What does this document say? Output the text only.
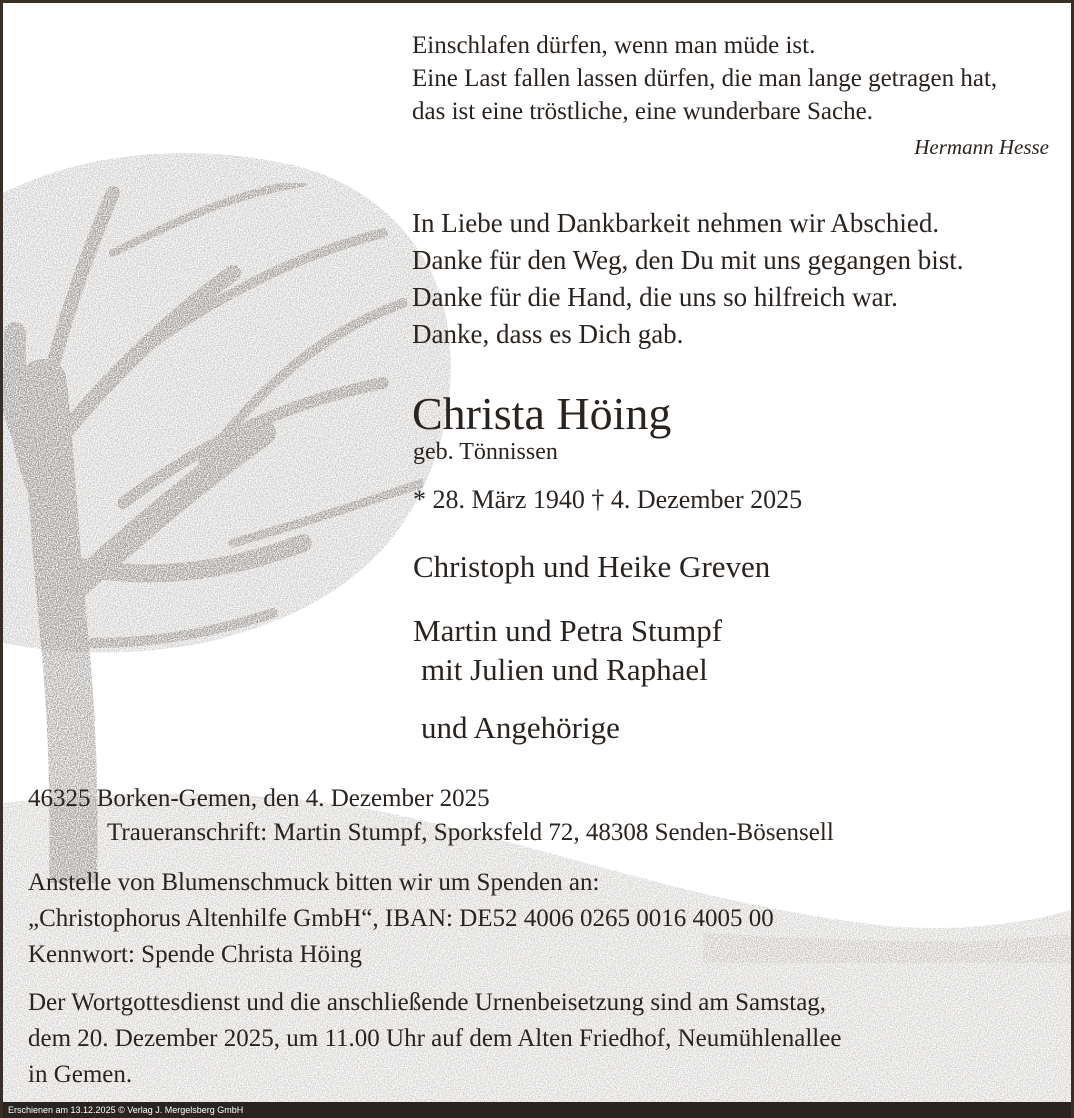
Einschlafen dürfen, wenn man müde ist.
Eine Last fallen lassen dürfen, die man lange getragen hat,
das ist eine tröstliche, eine wunderbare Sache.
Hermann Hesse
In Liebe und Dankbarkeit nehmen wir Abschied.
Danke für den Weg, den Du mit uns gegangen bist.
Danke für die Hand, die uns so hilfreich war.
Danke, dass es Dich gab.
Christa Höing
geb. Tönnissen
* 28. März 1940 † 4. Dezember 2025
Christoph und Heike Greven
Martin und Petra Stumpf
mit Julien und Raphael
und Angehörige
46325 Borken-Gemen, den 4. Dezember 2025
Traueranschrift: Martin Stumpf, Sporksfeld 72, 48308 Senden-Bösensell
Anstelle von Blumenschmuck bitten wir um Spenden an:
„Christophorus Altenhilfe GmbH“, IBAN: DE52 4006 0265 0016 4005 00
Kennwort: Spende Christa Höing
Der Wortgottesdienst und die anschließende Urnenbeisetzung sind am Samstag,
dem 20. Dezember 2025, um 11.00 Uhr auf dem Alten Friedhof, Neumühlenallee
in Gemen.
Erschienen am 13.12.2025 © Verlag J. Mergelsberg GmbH
